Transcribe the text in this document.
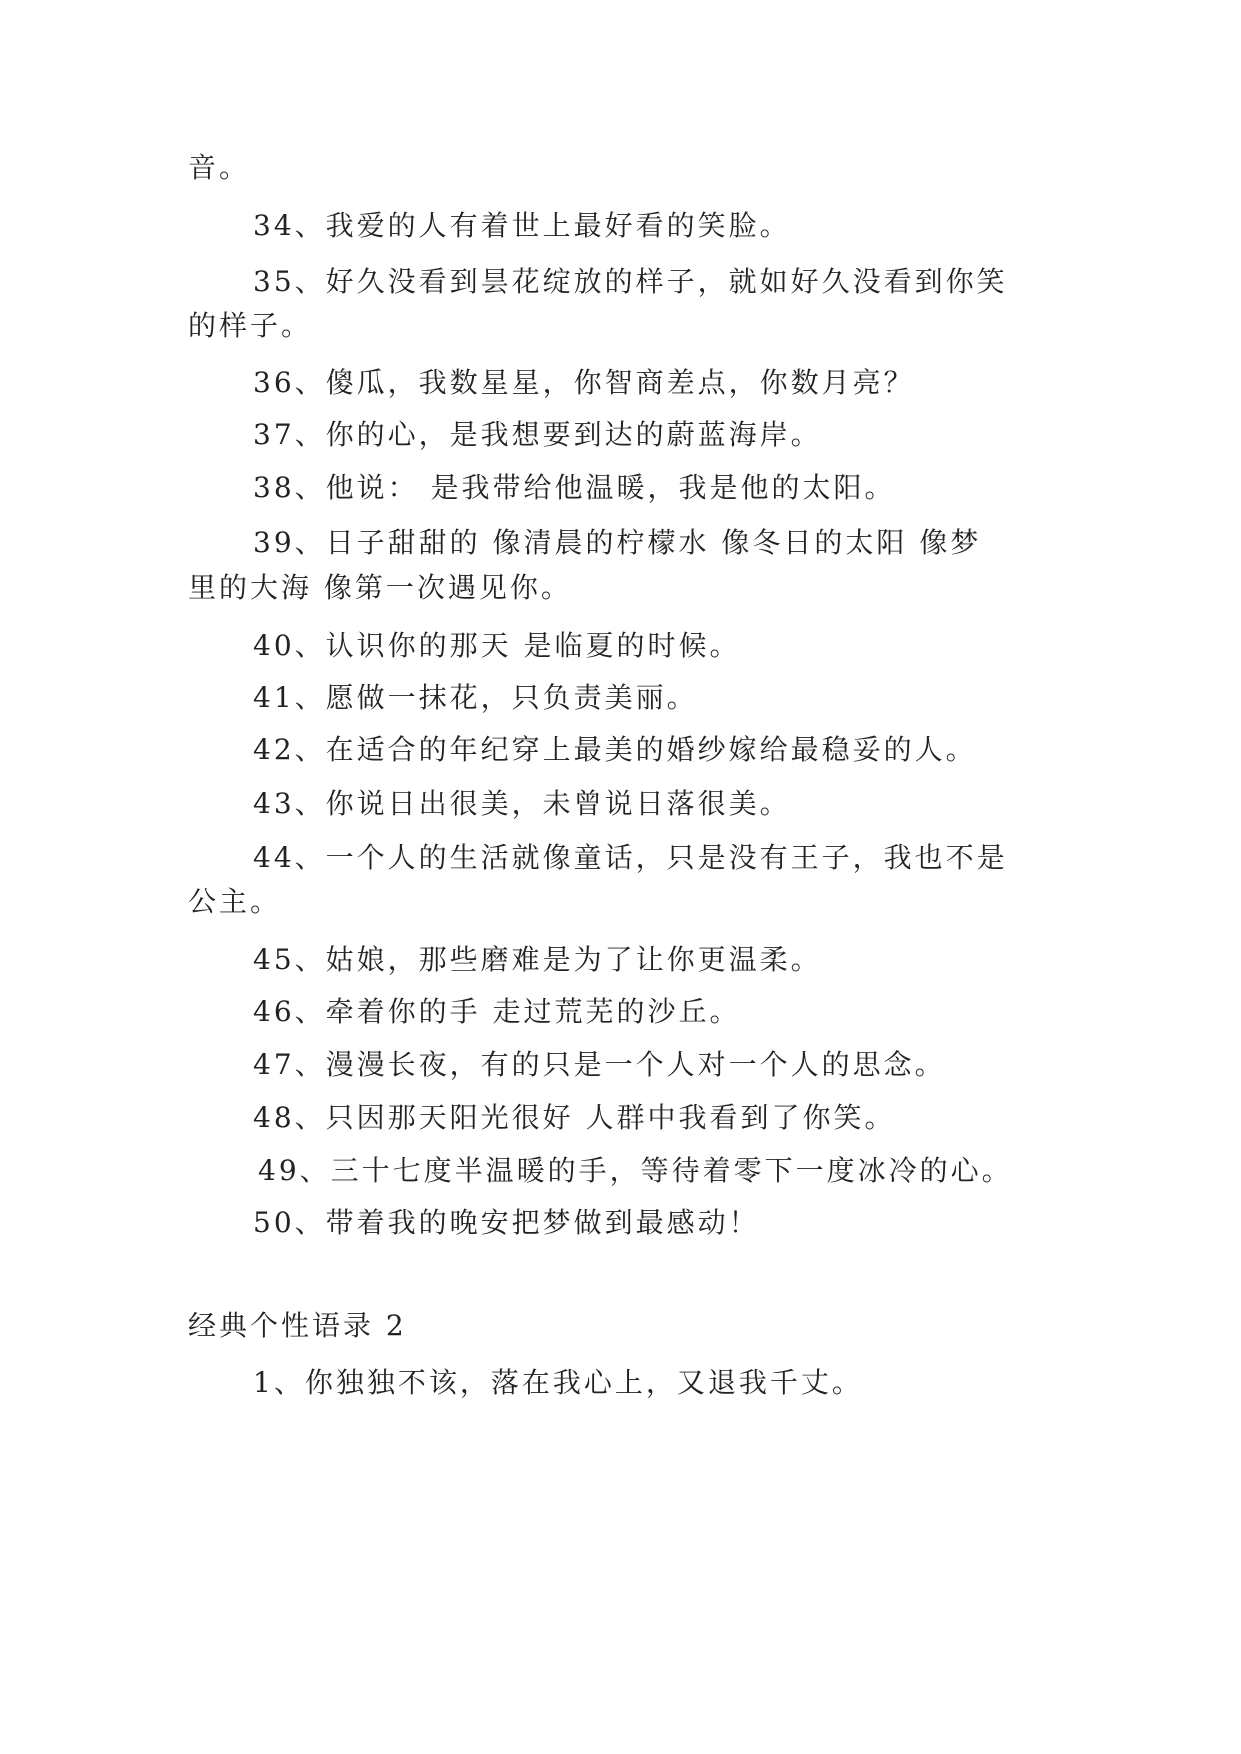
音。

34、我爱的人有着世上最好看的笑脸。

35、好久没看到昙花绽放的样子，就如好久没看到你笑

的样子。

36、傻瓜，我数星星，你智商差点，你数月亮？

37、你的心，是我想要到达的蔚蓝海岸。

38、他说： 是我带给他温暖，我是他的太阳。

39、日子甜甜的 像清晨的柠檬水 像冬日的太阳 像梦

里的大海 像第一次遇见你。

40、认识你的那天 是临夏的时候。

41、愿做一抹花，只负责美丽。

42、在适合的年纪穿上最美的婚纱嫁给最稳妥的人。

43、你说日出很美，未曾说日落很美。

44、一个人的生活就像童话，只是没有王子，我也不是

公主。

45、姑娘，那些磨难是为了让你更温柔。

46、牵着你的手 走过荒芜的沙丘。

47、漫漫长夜，有的只是一个人对一个人的思念。

48、只因那天阳光很好 人群中我看到了你笑。

49、三十七度半温暖的手，等待着零下一度冰冷的心。

50、带着我的晚安把梦做到最感动！

经典个性语录 2

1、你独独不该，落在我心上，又退我千丈。
